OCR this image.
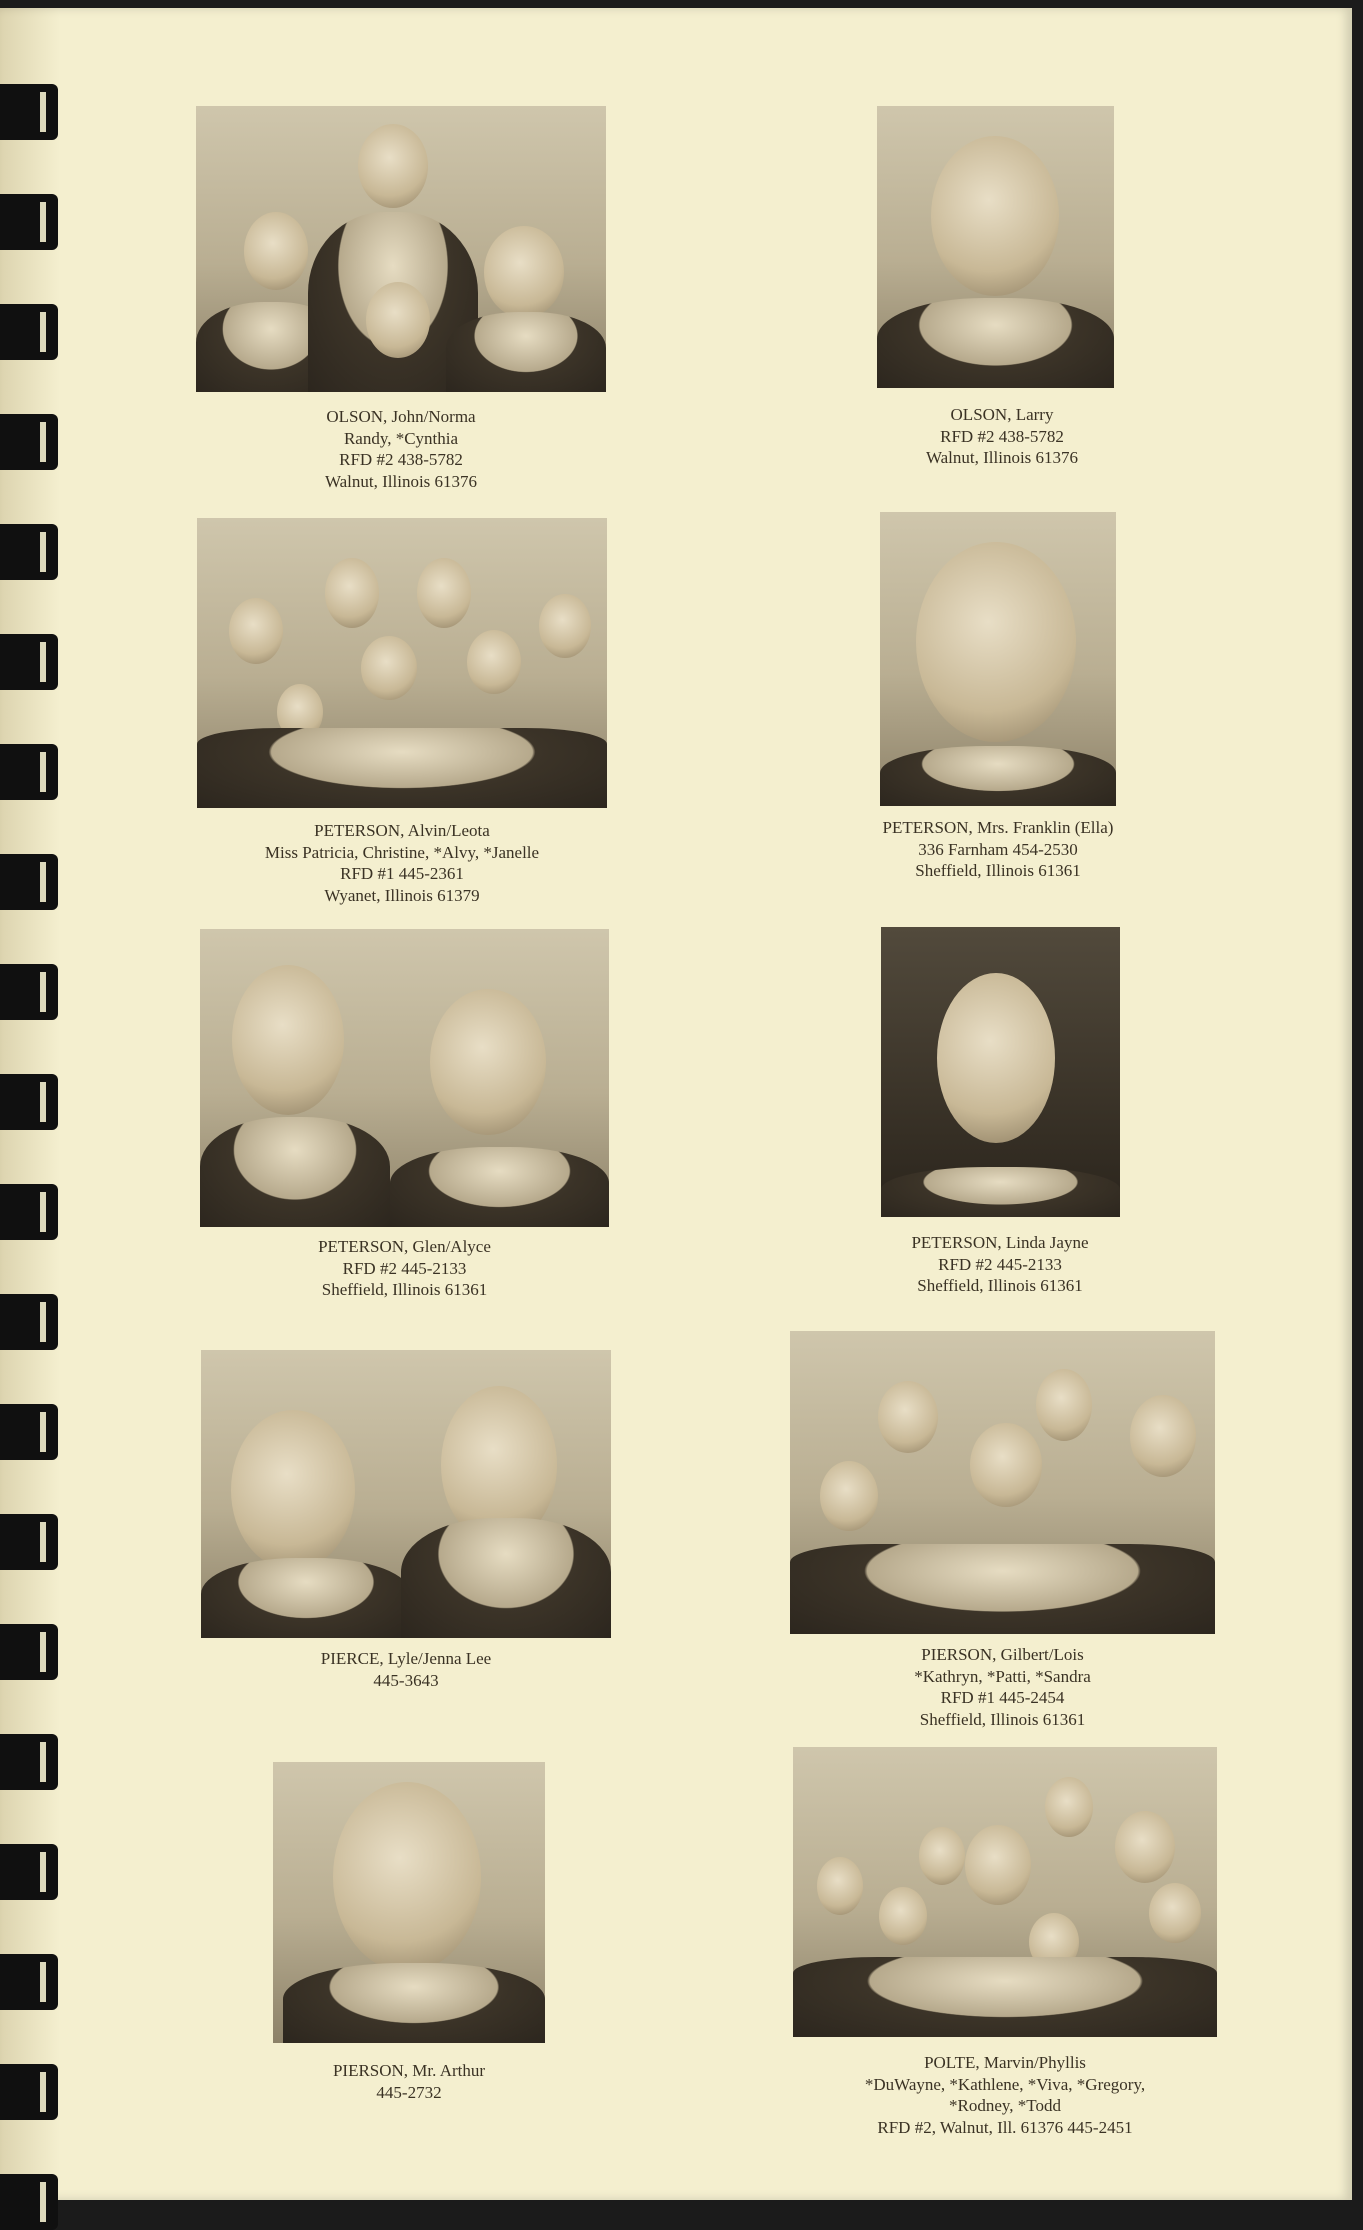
OLSON, John/Norma
Randy, *Cynthia
RFD #2 438-5782
Walnut, Illinois 61376
OLSON, Larry
RFD #2 438-5782
Walnut, Illinois 61376
PETERSON, Alvin/Leota
Miss Patricia, Christine, *Alvy, *Janelle
RFD #1 445-2361
Wyanet, Illinois 61379
PETERSON, Mrs. Franklin (Ella)
336 Farnham 454-2530
Sheffield, Illinois 61361
PETERSON, Glen/Alyce
RFD #2 445-2133
Sheffield, Illinois 61361
PETERSON, Linda Jayne
RFD #2 445-2133
Sheffield, Illinois 61361
PIERCE, Lyle/Jenna Lee
445-3643
PIERSON, Gilbert/Lois
*Kathryn, *Patti, *Sandra
RFD #1 445-2454
Sheffield, Illinois 61361
PIERSON, Mr. Arthur
445-2732
POLTE, Marvin/Phyllis
*DuWayne, *Kathlene, *Viva, *Gregory,
*Rodney, *Todd
RFD #2, Walnut, Ill. 61376 445-2451
